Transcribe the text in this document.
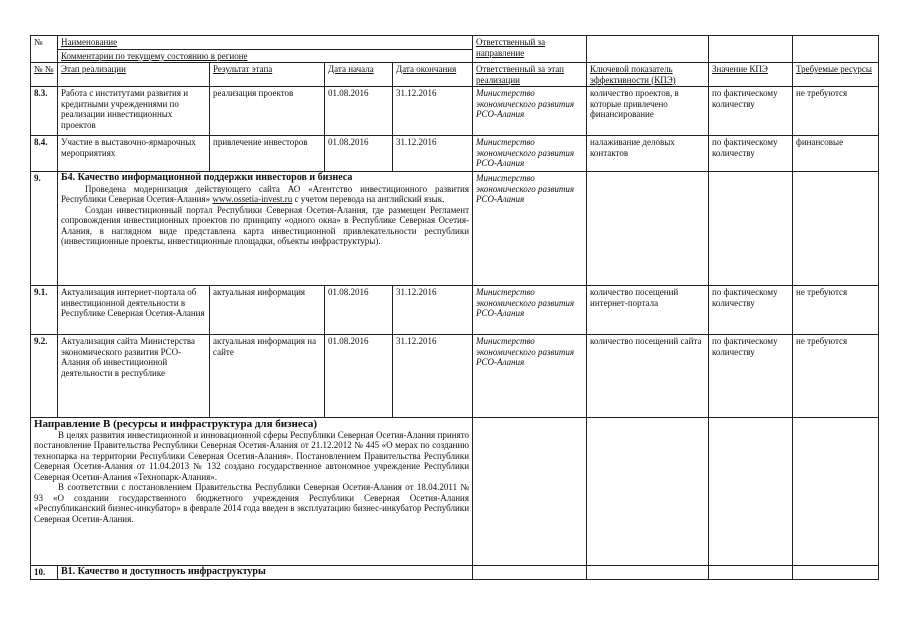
№	Наименование				Ответственный за направление			
	Комментарии по текущему состоянию в регионе							
№ №	Этап реализации	Результат этапа	Дата начала	Дата окончания	Ответственный за этап реализации	Ключевой показатель эффективности (КПЭ)	Значение КПЭ	Требуемые ресурсы
8.3.	Работа с институтами развития и кредитными учреждениями по реализации инвестиционных проектов	реализация проектов	01.08.2016	31.12.2016	Министерство экономического развития РСО-Алания	количество проектов, в которые привлечено финансирование	по фактическому количеству	не требуются
8.4.	Участие в выставочно-ярмарочных мероприятиях	привлечение инвесторов	01.08.2016	31.12.2016	Министерство экономического развития РСО-Алания	налаживание деловых контактов	по фактическому количеству	финансовые
9.	Б4. Качество информационной поддержки инвесторов и бизнеса

Проведена модернизация действующего сайта АО «Агентство инвестиционного развития Республики Северная Осетия-Алания» www.ossetia-invest.ru с учетом перевода на английский язык.

Создан инвестиционный портал Республики Северная Осетия-Алания, где размещен Регламент сопровождения инвестиционных проектов по принципу «одного окна» в Республике Северная Осетия-Алания, в наглядном виде представлена карта инвестиционной привлекательности республики (инвестиционные проекты, инвестиционные площадки, объекты инфраструктуры).				Министерство экономического развития РСО-Алания			
9.1.	Актуализация интернет-портала об инвестиционной деятельности в Республике Северная Осетия-Алания	актуальная информация	01.08.2016	31.12.2016	Министерство экономического развития РСО-Алания	количество посещений интернет-портала	по фактическому количеству	не требуются
9.2.	Актуализация сайта Министерства экономического развития РСО-Алания об инвестиционной деятельности в республике	актуальная информация на сайте	01.08.2016	31.12.2016	Министерство экономического развития РСО-Алания	количество посещений сайта	по фактическому количеству	не требуются

Направление В (ресурсы и инфраструктура для бизнеса)

В целях развития инвестиционной и инновационной сферы Республики Северная Осетия-Алания принято постановление Правительства Республики Северная Осетия-Алания от 21.12.2012 № 445 «О мерах по созданию технопарка на территории Республики Северная Осетия-Алания». Постановлением Правительства Республики Северная Осетия-Алания от 11.04.2013 № 132 создано государственное автономное учреждение Республики Северная Осетия-Алания «Технопарк-Алания».

В соответствии с постановлением Правительства Республики Северная Осетия-Алания от 18.04.2011 № 93 «О создании государственного бюджетного учреждения Республики Северная Осетия-Алания «Республиканский бизнес-инкубатор» в феврале 2014 года введен в эксплуатацию бизнес-инкубатор Республики Северная Осетия-Алания.								

10.	В1. Качество и доступность инфраструктуры							
